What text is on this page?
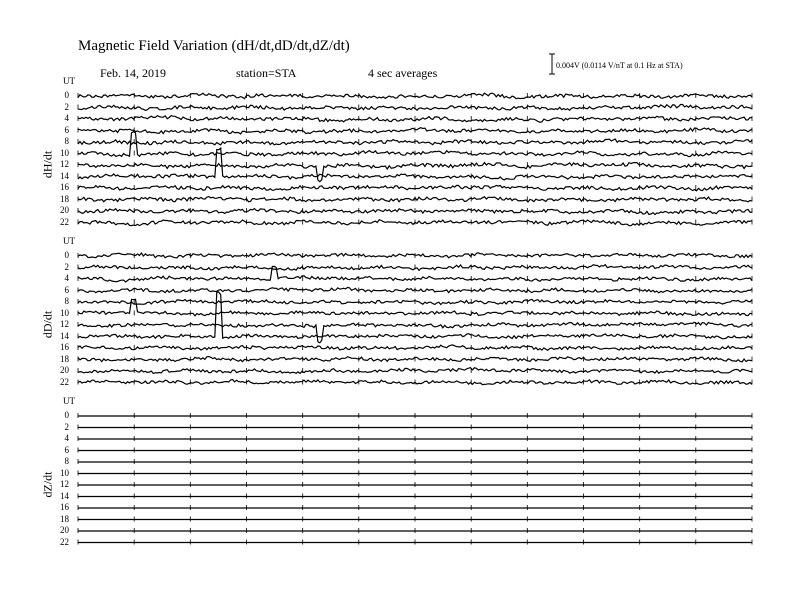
Magnetic Field Variation (dH/dt,dD/dt,dZ/dt)
Feb. 14, 2019	station=STA	4 sec averages
0.004V (0.0114 V/nT at 0.1 Hz at STA)
UT
dH/dt
0
2
4
6
8
10
12
14
16
18
20
22
UT
dD/dt
0
2
4
6
8
10
12
14
16
18
20
22
UT
dZ/dt
0
2
4
6
8
10
12
14
16
18
20
22
